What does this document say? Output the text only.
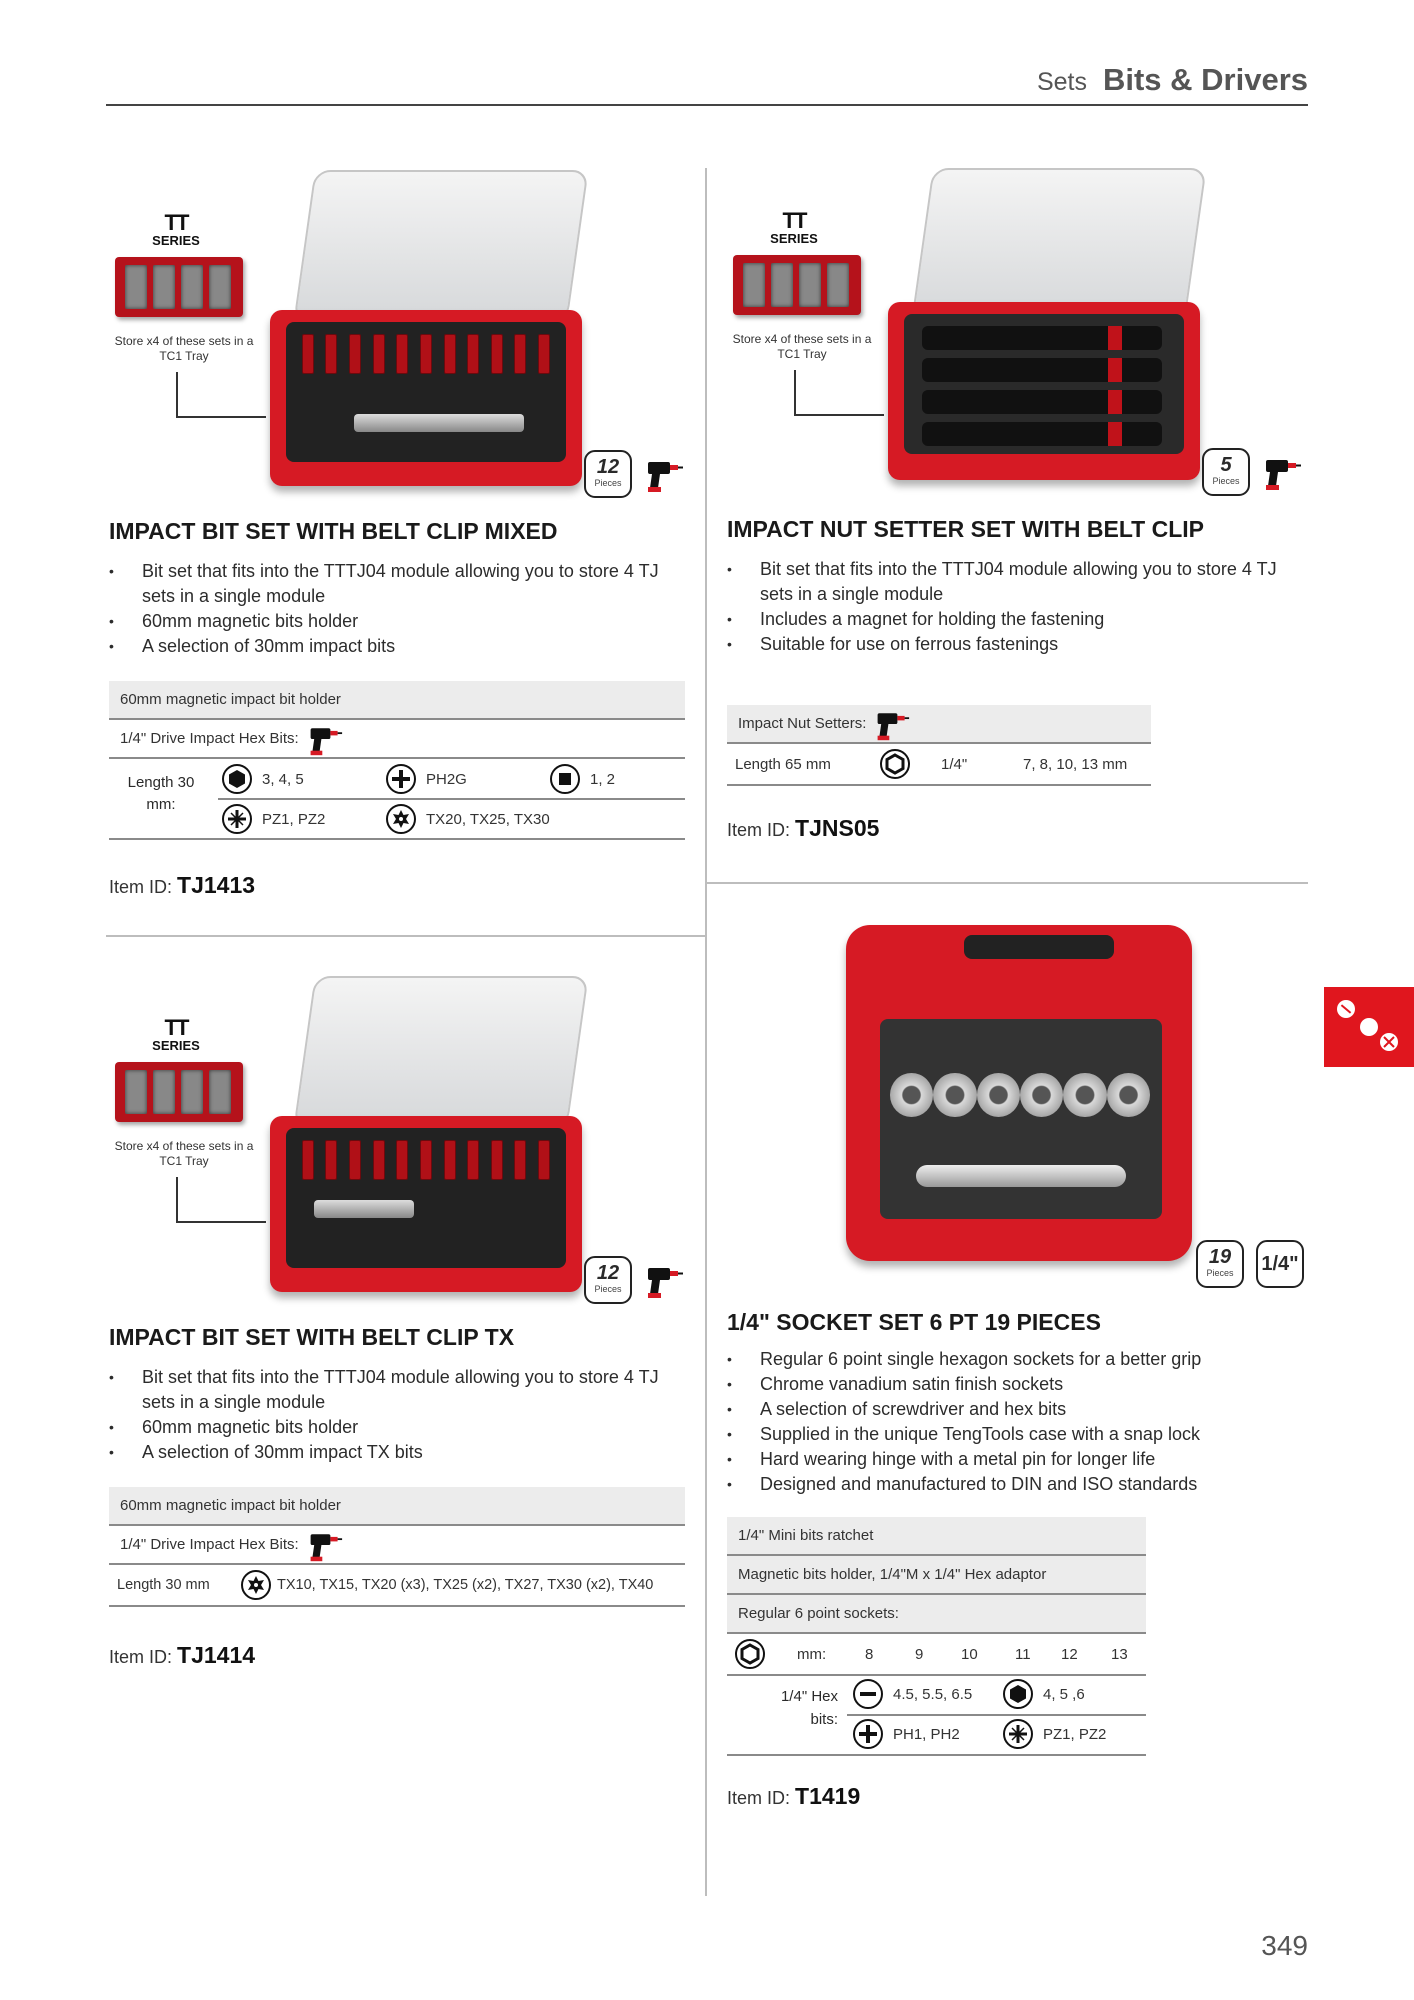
Sets Bits & Drivers
TT
SERIES
Store x4 of these sets in a TC1 Tray
12
Pieces
IMPACT BIT SET WITH BELT CLIP MIXED
• Bit set that fits into the TTTJ04 module allowing you to store 4 TJ sets in a single module
• 60mm magnetic bits holder
• A selection of 30mm impact bits
60mm magnetic impact bit holder
1/4" Drive Impact Hex Bits:
Length 30 mm:
3, 4, 5	PH2G	1, 2
PZ1, PZ2	TX20, TX25, TX30
Item ID: TJ1413
TT
SERIES
Store x4 of these sets in a TC1 Tray
5
Pieces
IMPACT NUT SETTER SET WITH BELT CLIP
• Bit set that fits into the TTTJ04 module allowing you to store 4 TJ sets in a single module
• Includes a magnet for holding the fastening
• Suitable for use on ferrous fastenings
Impact Nut Setters:
Length 65 mm	1/4"	7, 8, 10, 13 mm
Item ID: TJNS05
TT
SERIES
Store x4 of these sets in a TC1 Tray
12
Pieces
IMPACT BIT SET WITH BELT CLIP TX
• Bit set that fits into the TTTJ04 module allowing you to store 4 TJ sets in a single module
• 60mm magnetic bits holder
• A selection of 30mm impact TX bits
60mm magnetic impact bit holder
1/4" Drive Impact Hex Bits:
Length 30 mm	TX10, TX15, TX20 (x3), TX25 (x2), TX27, TX30 (x2), TX40
Item ID: TJ1414
19
Pieces	1/4"
1/4" SOCKET SET 6 PT 19 PIECES
• Regular 6 point single hexagon sockets for a better grip
• Chrome vanadium satin finish sockets
• A selection of screwdriver and hex bits
• Supplied in the unique TengTools case with a snap lock
• Hard wearing hinge with a metal pin for longer life
• Designed and manufactured to DIN and ISO standards
1/4" Mini bits ratchet
Magnetic bits holder, 1/4"M x 1/4" Hex adaptor
Regular 6 point sockets:
mm:	8	9	10 11 12 13
1/4" Hex bits:
4.5, 5.5, 6.5	4, 5 ,6
PH1, PH2	PZ1, PZ2
Item ID: T1419
349
